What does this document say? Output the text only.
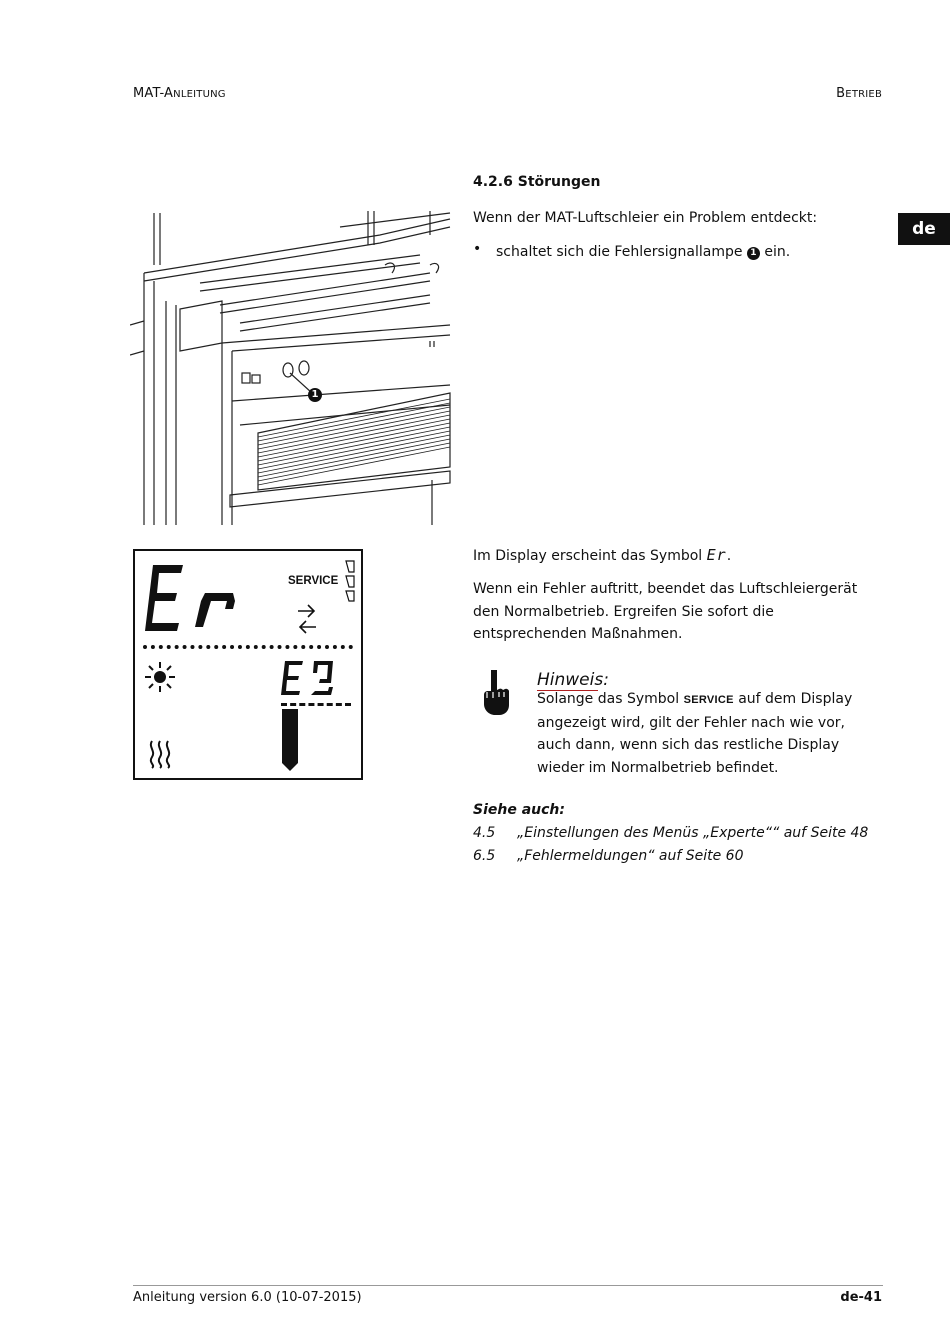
MAT-ANLEITUNG	BETRIEB
de
4.2.6 Störungen
Wenn der MAT-Luftschleier ein Problem entdeckt:
• schaltet sich die Fehlersignallampe 1 ein.
Im Display erscheint das Symbol Er.
Wenn ein Fehler auftritt, beendet das Luftschleiergerät den Normalbetrieb. Ergreifen Sie sofort die entsprechenden Maßnahmen.
Hinweis:
Solange das Symbol SERVICE auf dem Display angezeigt wird, gilt der Fehler nach wie vor, auch dann, wenn sich das restliche Display wieder im Normalbetrieb befindet.
Siehe auch:
4.5 „Einstellungen des Menüs „Experte““ auf Seite 48
6.5 „Fehlermeldungen“ auf Seite 60
1
SERVICE
Anleitung version 6.0 (10-07-2015)	de-41
